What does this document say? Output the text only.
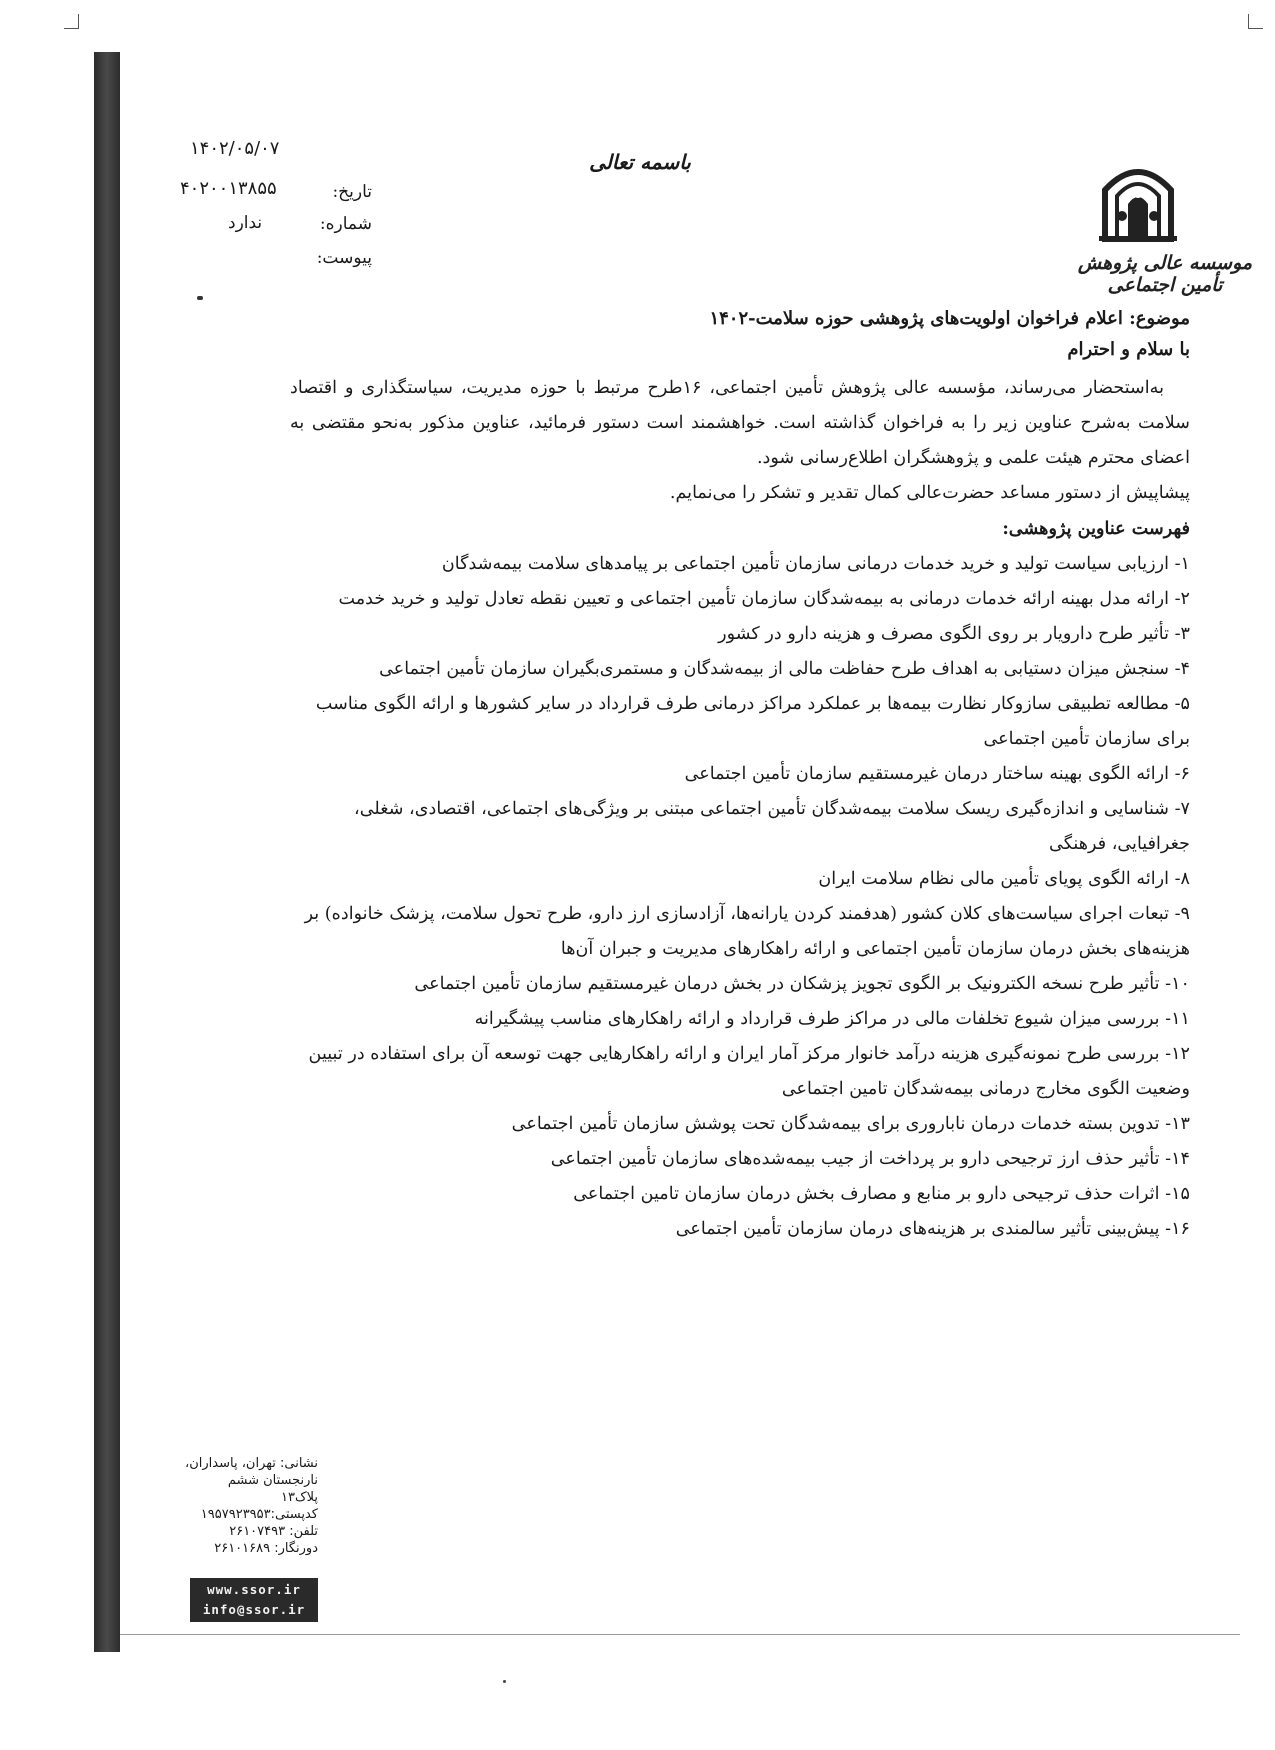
موسسه عالی پژوهش تأمین اجتماعی
باسمه تعالی
۱۴۰۲/۰۵/۰۷
۴۰۲۰۰۱۳۸۵۵
ندارد
تاریخ:
شماره:
پیوست:

موضوع: اعلام فراخوان اولویت‌های پژوهشی حوزه سلامت-۱۴۰۲

با سلام و احترام

به‌استحضار می‌رساند، مؤسسه عالی پژوهش تأمین اجتماعی، ۱۶طرح مرتبط با حوزه مدیریت، سیاستگذاری و اقتصاد سلامت به‌شرح عناوین زیر را به فراخوان گذاشته است. خواهشمند است دستور فرمائید، عناوین مذکور به‌نحو مقتضی به اعضای محترم هیئت علمی و پژوهشگران اطلاع‌رسانی شود.

پیشاپیش از دستور مساعد حضرت‌عالی کمال تقدیر و تشکر را می‌نمایم.

فهرست عناوین پژوهشی:

۱- ارزیابی سیاست تولید و خرید خدمات درمانی سازمان تأمین اجتماعی بر پیامدهای سلامت بیمه‌شدگان
۲- ارائه مدل بهینه ارائه خدمات درمانی به بیمه‌شدگان سازمان تأمین اجتماعی و تعیین نقطه تعادل تولید و خرید خدمت
۳- تأثیر طرح دارویار بر روی الگوی مصرف و هزینه دارو در کشور
۴- سنجش میزان دستیابی به اهداف طرح حفاظت مالی از بیمه‌شدگان و مستمری‌بگیران سازمان تأمین اجتماعی
۵- مطالعه تطبیقی سازوکار نظارت بیمه‌ها بر عملکرد مراکز درمانی طرف قرارداد در سایر کشورها و ارائه الگوی مناسب برای سازمان تأمین اجتماعی
۶- ارائه الگوی بهینه ساختار درمان غیرمستقیم سازمان تأمین اجتماعی
۷- شناسایی و اندازه‌گیری ریسک سلامت بیمه‌شدگان تأمین اجتماعی مبتنی بر ویژگی‌های اجتماعی، اقتصادی، شغلی، جغرافیایی، فرهنگی
۸- ارائه الگوی پویای تأمین مالی نظام سلامت ایران
۹- تبعات اجرای سیاست‌های کلان کشور (هدفمند کردن یارانه‌ها، آزادسازی ارز دارو، طرح تحول سلامت، پزشک خانواده) بر هزینه‌های بخش درمان سازمان تأمین اجتماعی و ارائه راهکارهای مدیریت و جبران آن‌ها
۱۰- تأثیر طرح نسخه الکترونیک بر الگوی تجویز پزشکان در بخش درمان غیرمستقیم سازمان تأمین اجتماعی
۱۱- بررسی میزان شیوع تخلفات مالی در مراکز طرف قرارداد و ارائه راهکارهای مناسب پیشگیرانه
۱۲- بررسی طرح نمونه‌گیری هزینه درآمد خانوار مرکز آمار ایران و ارائه راهکارهایی جهت توسعه آن برای استفاده در تبیین وضعیت الگوی مخارج درمانی بیمه‌شدگان تامین اجتماعی
۱۳- تدوین بسته خدمات درمان ناباروری برای بیمه‌شدگان تحت پوشش سازمان تأمین اجتماعی
۱۴- تأثیر حذف ارز ترجیحی دارو بر پرداخت از جیب بیمه‌شده‌های سازمان تأمین اجتماعی
۱۵- اثرات حذف ترجیحی دارو بر منابع و مصارف بخش درمان سازمان تامین اجتماعی
۱۶- پیش‌بینی تأثیر سالمندی بر هزینه‌های درمان سازمان تأمین اجتماعی
نشانی: تهران، پاسداران،
نارنجستان ششم
پلاک۱۳
کدپستی:۱۹۵۷۹۲۳۹۵۳
تلفن: ۲۶۱۰۷۴۹۳
دورنگار: ۲۶۱۰۱۶۸۹
www.ssor.ir
info@ssor.ir
